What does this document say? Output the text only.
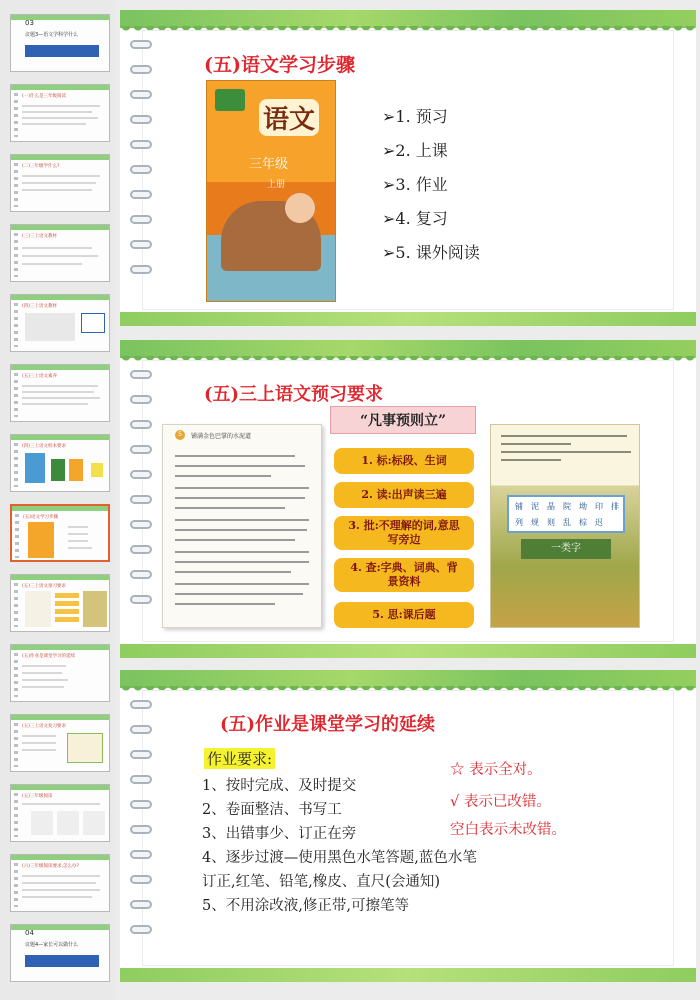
03
议题3—语文学科学什么
(一)什么是三年级阅读
(二)三年级学什么?
(三)三上语文教材
(四)三上语文教材
(五)三上语文素养
(四)三上语文校本要求
(五)语文学习步骤
(五)三上语文预习要求
(五)作业是课堂学习的延续
(五)三上语文复习要求
(五)三年级阅读
(六)三年级阅读要求,怎么办?
04
议题4—家长可以做什么
(五)语文学习步骤
语文
三年级
上册
➢1. 预习
➢2. 上课
➢3. 作业
➢4. 复习
➢5. 课外阅读
(五)三上语文预习要求
5	铺满金色巴掌的水泥道
“凡事预则立”
1. 标:标段、生词
2. 读:出声读三遍
3. 批:不理解的词,意思写旁边
4. 查:字典、词典、背景资料
5. 思:课后题
铺 泥 晶 院 坳 印 排
列 规 则 乱 棕 迟
一类字
(五)作业是课堂学习的延续
作业要求:
1、按时完成、及时提交
2、卷面整洁、书写工
3、出错事少、订正在旁
4、逐步过渡—使用黑色水笔答题,蓝色水笔
订正,红笔、铅笔,橡皮、直尺(会通知)
5、不用涂改液,修正带,可擦笔等
☆ 表示全对。
√ 表示已改错。
空白表示未改错。
